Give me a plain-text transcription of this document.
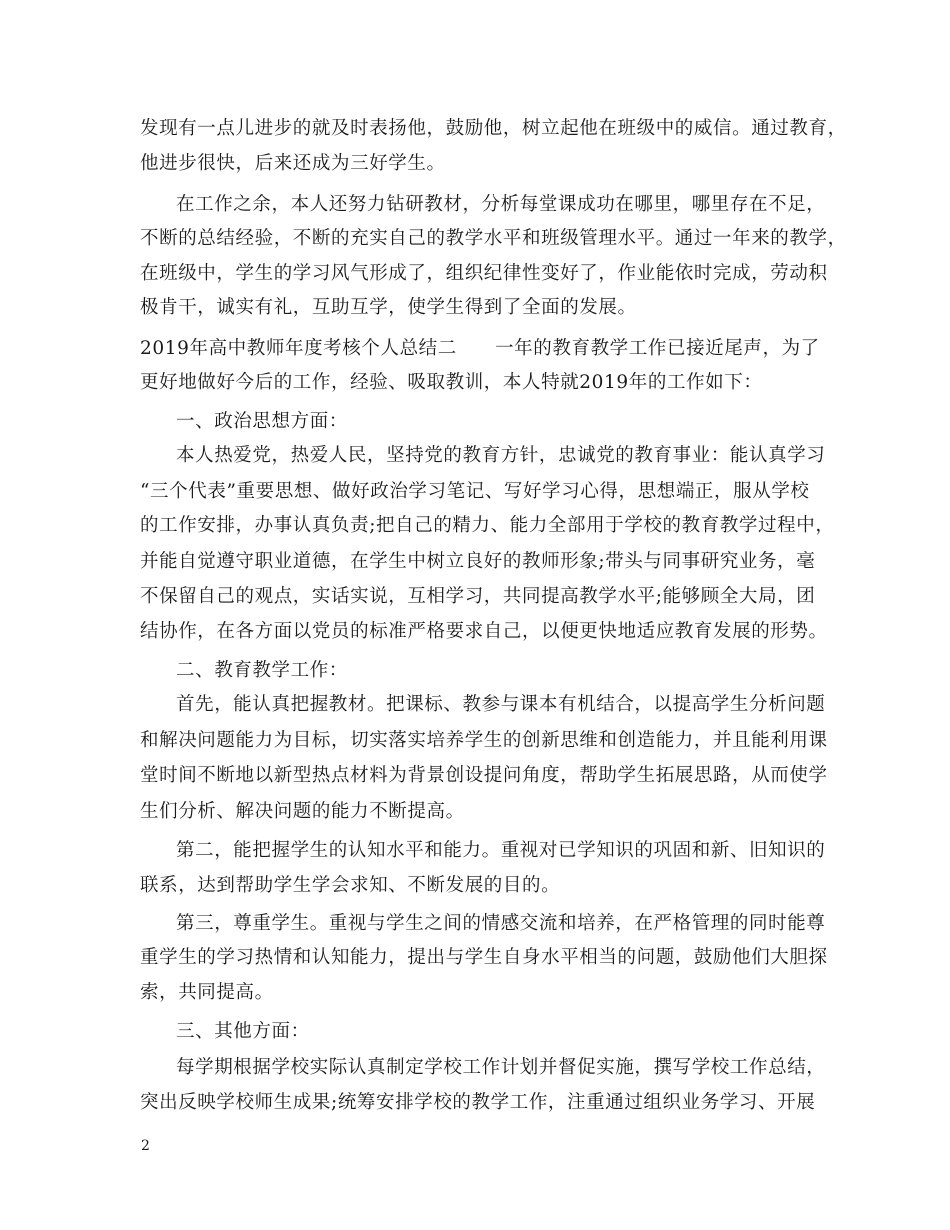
发现有一点儿进步的就及时表扬他，鼓励他，树立起他在班级中的威信。通过教育，
他进步很快，后来还成为三好学生。
在工作之余，本人还努力钻研教材，分析每堂课成功在哪里，哪里存在不足，
不断的总结经验，不断的充实自己的教学水平和班级管理水平。通过一年来的教学，
在班级中，学生的学习风气形成了，组织纪律性变好了，作业能依时完成，劳动积
极肯干，诚实有礼，互助互学，使学生得到了全面的发展。
2019年高中教师年度考核个人总结二　　一年的教育教学工作已接近尾声，为了
更好地做好今后的工作，经验、吸取教训，本人特就2019年的工作如下：
一、政治思想方面：
本人热爱党，热爱人民，坚持党的教育方针，忠诚党的教育事业：能认真学习
“三个代表”重要思想、做好政治学习笔记、写好学习心得，思想端正，服从学校
的工作安排，办事认真负责;把自己的精力、能力全部用于学校的教育教学过程中，
并能自觉遵守职业道德，在学生中树立良好的教师形象;带头与同事研究业务，毫
不保留自己的观点，实话实说，互相学习，共同提高教学水平;能够顾全大局，团
结协作，在各方面以党员的标准严格要求自己，以便更快地适应教育发展的形势。
二、教育教学工作：
首先，能认真把握教材。把课标、教参与课本有机结合，以提高学生分析问题
和解决问题能力为目标，切实落实培养学生的创新思维和创造能力，并且能利用课
堂时间不断地以新型热点材料为背景创设提问角度，帮助学生拓展思路，从而使学
生们分析、解决问题的能力不断提高。
第二，能把握学生的认知水平和能力。重视对已学知识的巩固和新、旧知识的
联系，达到帮助学生学会求知、不断发展的目的。
第三，尊重学生。重视与学生之间的情感交流和培养，在严格管理的同时能尊
重学生的学习热情和认知能力，提出与学生自身水平相当的问题，鼓励他们大胆探
索，共同提高。
三、其他方面：
每学期根据学校实际认真制定学校工作计划并督促实施，撰写学校工作总结，
突出反映学校师生成果;统筹安排学校的教学工作，注重通过组织业务学习、开展
2
